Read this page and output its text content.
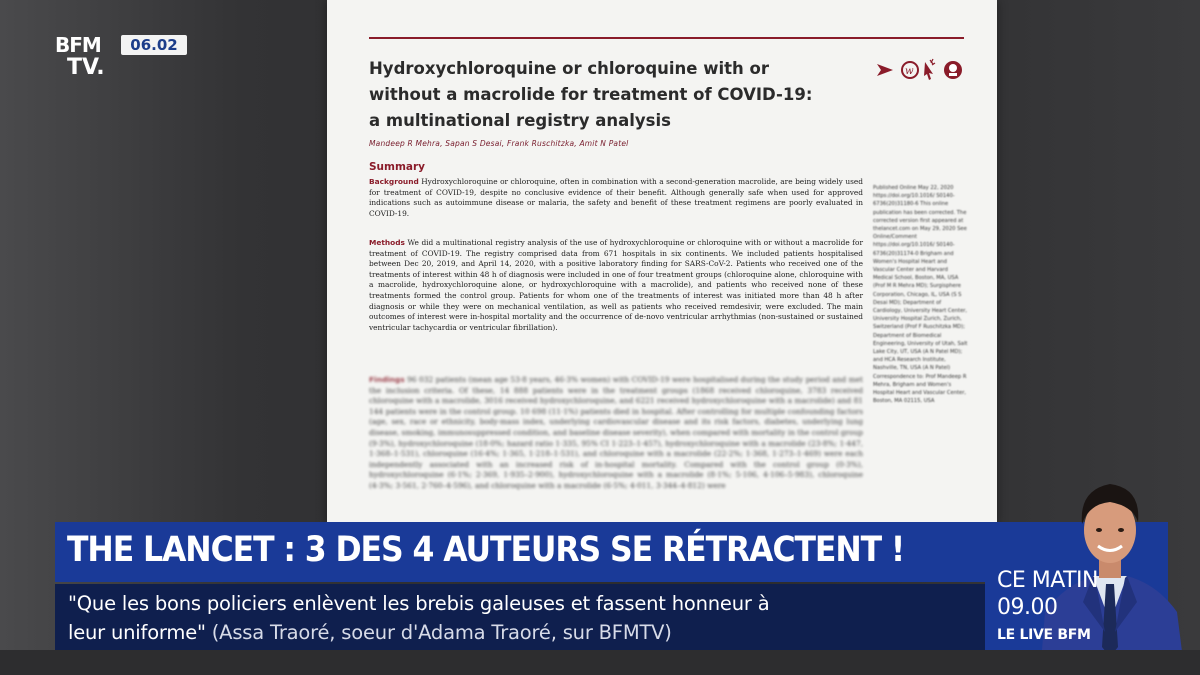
Hydroxychloroquine or chloroquine with or without a macrolide for treatment of COVID-19: a multinational registry analysis
w
Mandeep R Mehra, Sapan S Desai, Frank Ruschitzka, Amit N Patel
Summary
Background Hydroxychloroquine or chloroquine, often in combination with a second-generation macrolide, are being widely used for treatment of COVID-19, despite no conclusive evidence of their benefit. Although generally safe when used for approved indications such as autoimmune disease or malaria, the safety and benefit of these treatment regimens are poorly evaluated in COVID-19.
Methods We did a multinational registry analysis of the use of hydroxychloroquine or chloroquine with or without a macrolide for treatment of COVID-19. The registry comprised data from 671 hospitals in six continents. We included patients hospitalised between Dec 20, 2019, and April 14, 2020, with a positive laboratory finding for SARS-CoV-2. Patients who received one of the treatments of interest within 48 h of diagnosis were included in one of four treatment groups (chloroquine alone, chloroquine with a macrolide, hydroxychloroquine alone, or hydroxychloroquine with a macrolide), and patients who received none of these treatments formed the control group. Patients for whom one of the treatments of interest was initiated more than 48 h after diagnosis or while they were on mechanical ventilation, as well as patients who received remdesivir, were excluded. The main outcomes of interest were in-hospital mortality and the occurrence of de-novo ventricular arrhythmias (non-sustained or sustained ventricular tachycardia or ventricular fibrillation).
Findings 96 032 patients (mean age 53·8 years, 46·3% women) with COVID-19 were hospitalised during the study period and met the inclusion criteria. Of these, 14 888 patients were in the treatment groups (1868 received chloroquine, 3783 received chloroquine with a macrolide, 3016 received hydroxychloroquine, and 6221 received hydroxychloroquine with a macrolide) and 81 144 patients were in the control group. 10 698 (11·1%) patients died in hospital. After controlling for multiple confounding factors (age, sex, race or ethnicity, body-mass index, underlying cardiovascular disease and its risk factors, diabetes, underlying lung disease, smoking, immunosuppressed condition, and baseline disease severity), when compared with mortality in the control group (9·3%), hydroxychloroquine (18·0%; hazard ratio 1·335, 95% CI 1·223–1·457), hydroxychloroquine with a macrolide (23·8%; 1·447, 1·368–1·531), chloroquine (16·4%; 1·365, 1·218–1·531), and chloroquine with a macrolide (22·2%; 1·368, 1·273–1·469) were each independently associated with an increased risk of in-hospital mortality. Compared with the control group (0·3%), hydroxychloroquine (6·1%; 2·369, 1·935–2·900), hydroxychloroquine with a macrolide (8·1%; 5·106, 4·106–5·983), chloroquine (4·3%; 3·561, 2·760–4·596), and chloroquine with a macrolide (6·5%; 4·011, 3·344–4·812) were
Published Online May 22, 2020 https://doi.org/10.1016/ S0140-6736(20)31180-6 This online publication has been corrected. The corrected version first appeared at thelancet.com on May 29, 2020 See Online/Comment https://doi.org/10.1016/ S0140-6736(20)31174-0 Brigham and Women's Hospital Heart and Vascular Center and Harvard Medical School, Boston, MA, USA (Prof M R Mehra MD); Surgisphere Corporation, Chicago, IL, USA (S S Desai MD); Department of Cardiology, University Heart Center, University Hospital Zurich, Zurich, Switzerland (Prof F Ruschitzka MD); Department of Biomedical Engineering, University of Utah, Salt Lake City, UT, USA (A N Patel MD); and HCA Research Institute, Nashville, TN, USA (A N Patel) Correspondence to: Prof Mandeep R Mehra, Brigham and Women's Hospital Heart and Vascular Center, Boston, MA 02115, USA
BFM
TV.
06.02
THE LANCET : 3 DES 4 AUTEURS SE RÉTRACTENT !
"Que les bons policiers enlèvent les brebis galeuses et fassent honneur à
leur uniforme" (Assa Traoré, soeur d'Adama Traoré, sur BFMTV)
CE MATIN
09.00
LE LIVE BFM
